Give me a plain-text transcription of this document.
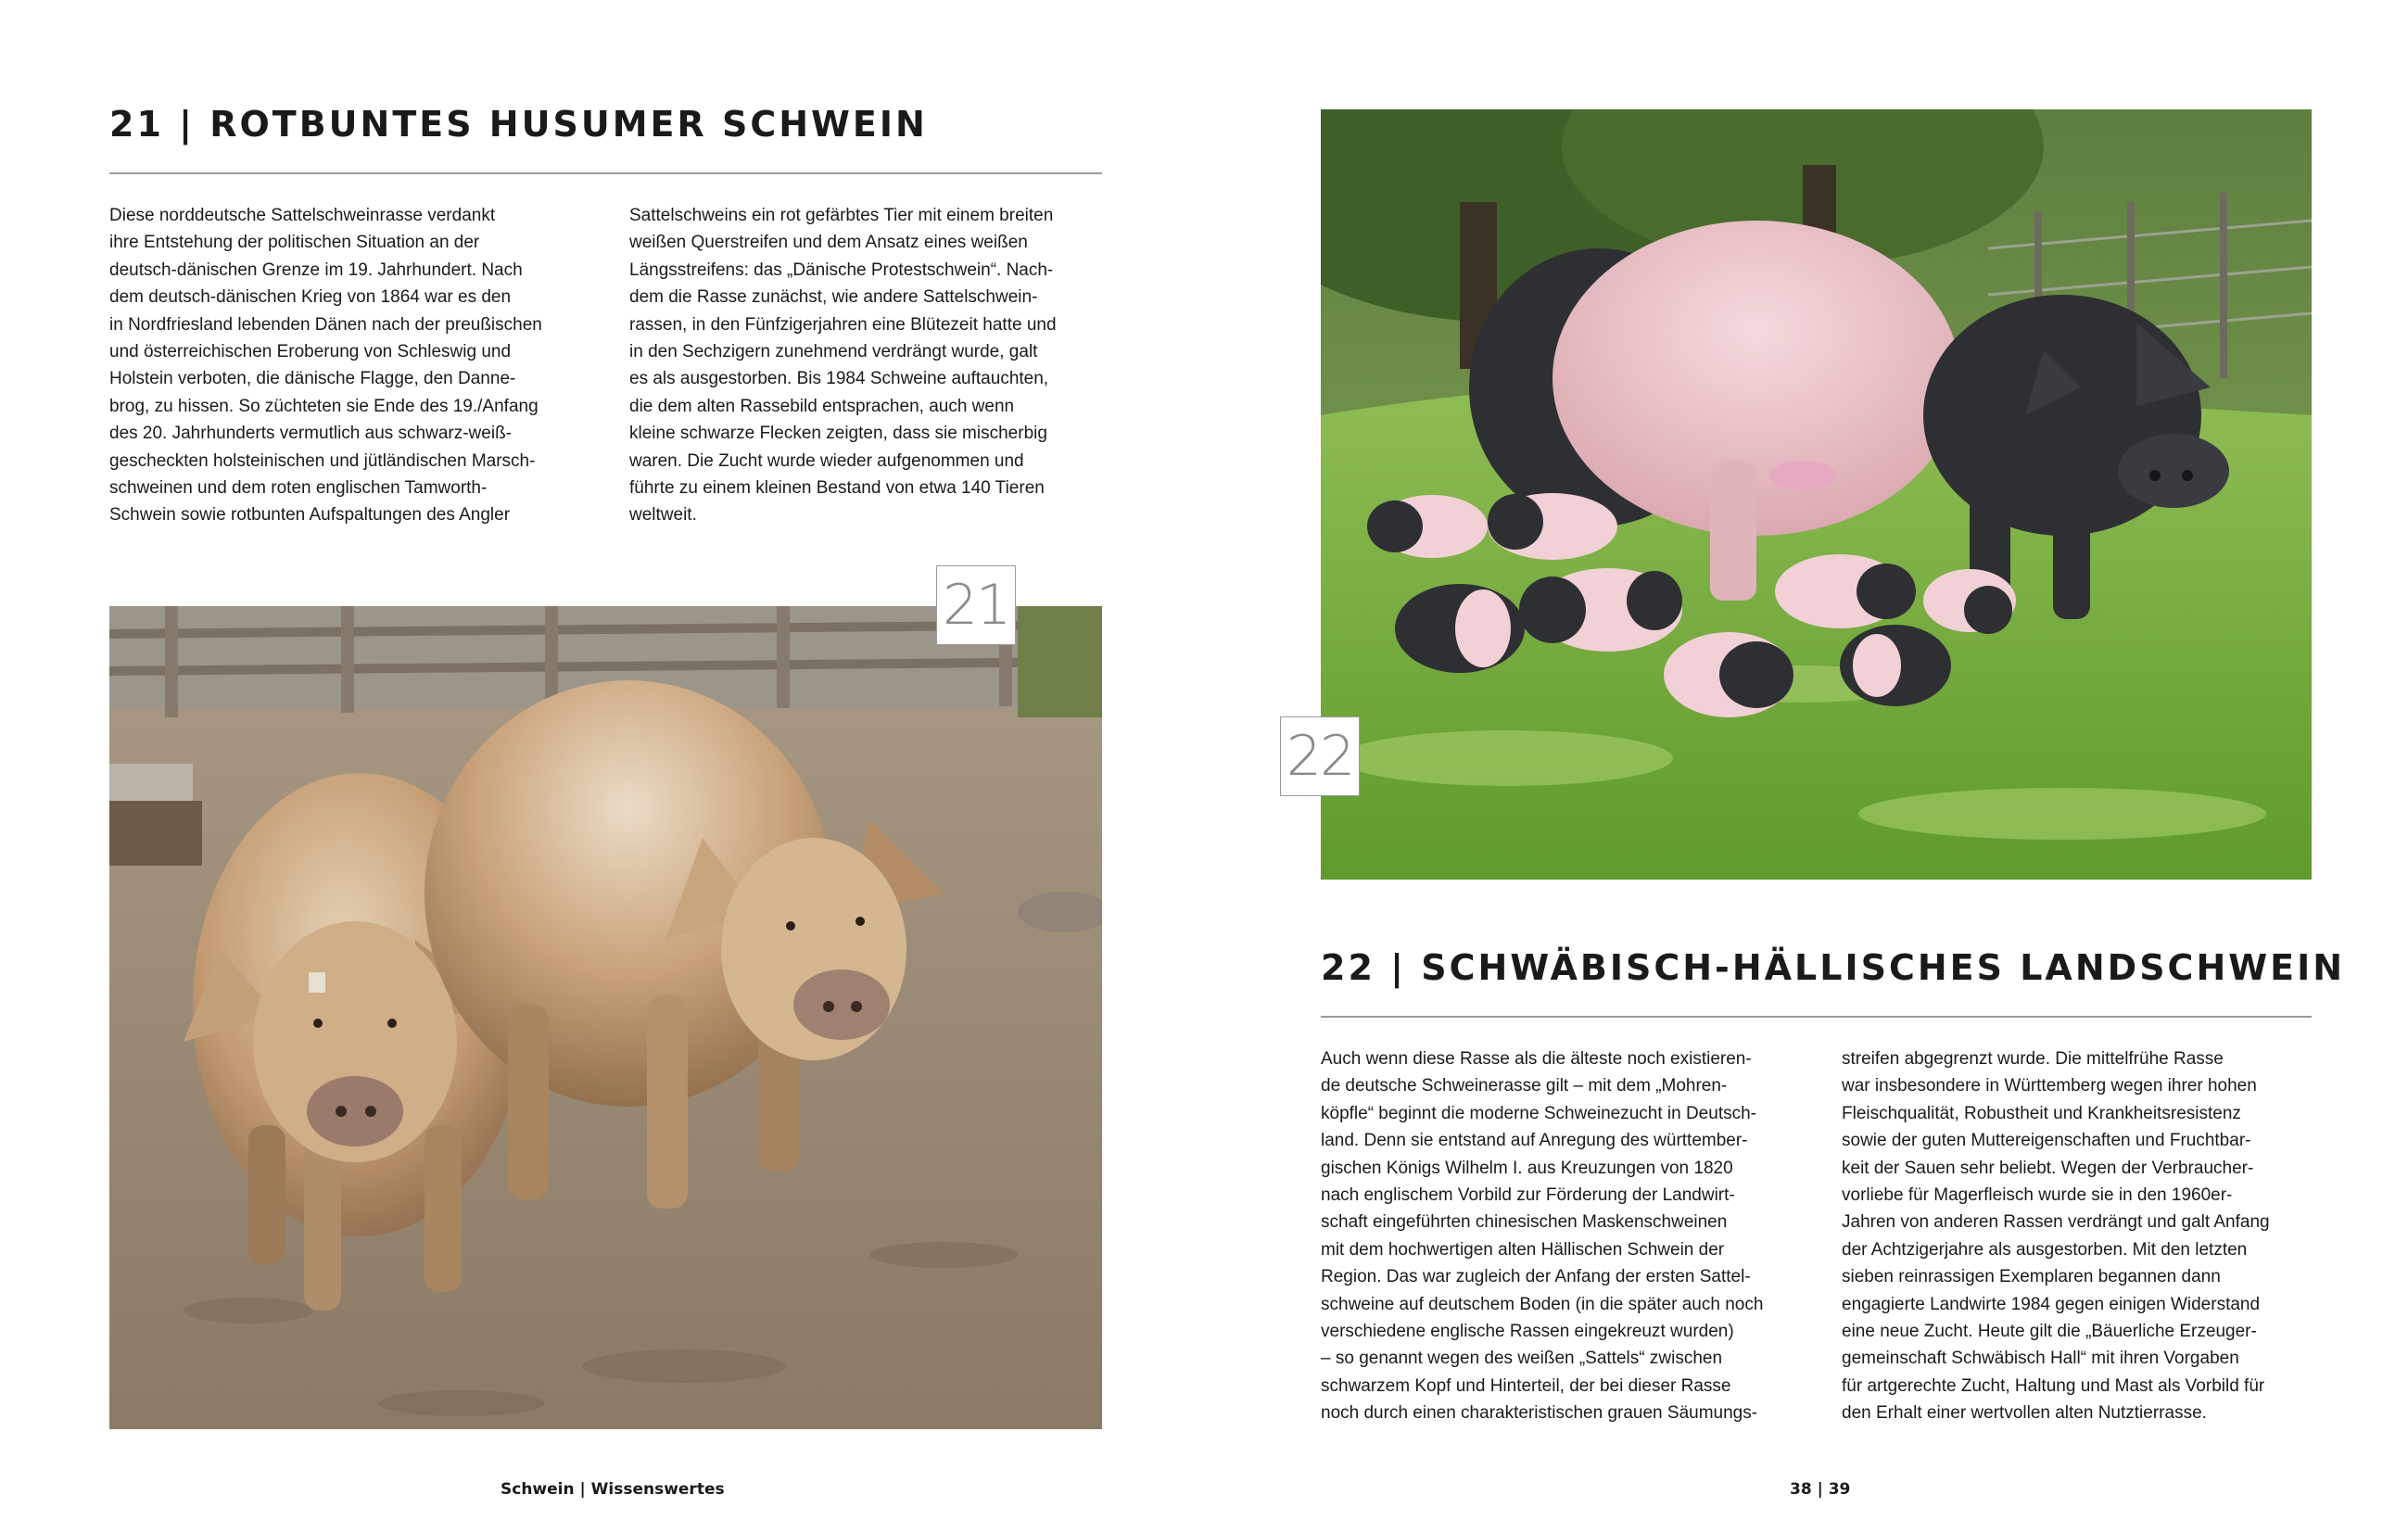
21 | ROTBUNTES HUSUMER SCHWEIN
Diese norddeutsche Sattelschweinrasse verdankt
ihre Entstehung der politischen Situation an der
deutsch-dänischen Grenze im 19. Jahrhundert. Nach
dem deutsch-dänischen Krieg von 1864 war es den
in Nordfriesland lebenden Dänen nach der preußischen
und österreichischen Eroberung von Schleswig und
Holstein verboten, die dänische Flagge, den Danne-
brog, zu hissen. So züchteten sie Ende des 19./Anfang
des 20. Jahrhunderts vermutlich aus schwarz-weiß-
gescheckten holsteinischen und jütländischen Marsch-
schweinen und dem roten englischen Tamworth-
Schwein sowie rotbunten Aufspaltungen des Angler
Sattelschweins ein rot gefärbtes Tier mit einem breiten
weißen Querstreifen und dem Ansatz eines weißen
Längsstreifens: das „Dänische Protestschwein“. Nach-
dem die Rasse zunächst, wie andere Sattelschwein-
rassen, in den Fünfzigerjahren eine Blütezeit hatte und
in den Sechzigern zunehmend verdrängt wurde, galt
es als ausgestorben. Bis 1984 Schweine auftauchten,
die dem alten Rassebild entsprachen, auch wenn
kleine schwarze Flecken zeigten, dass sie mischerbig
waren. Die Zucht wurde wieder aufgenommen und
führte zu einem kleinen Bestand von etwa 140 Tieren
weltweit.
21
Schwein | Wissenswertes
22
22 | SCHWÄBISCH-HÄLLISCHES LANDSCHWEIN
Auch wenn diese Rasse als die älteste noch existieren-
de deutsche Schweinerasse gilt – mit dem „Mohren-
köpfle“ beginnt die moderne Schweinezucht in Deutsch-
land. Denn sie entstand auf Anregung des württember-
gischen Königs Wilhelm I. aus Kreuzungen von 1820
nach englischem Vorbild zur Förderung der Landwirt-
schaft eingeführten chinesischen Maskenschweinen
mit dem hochwertigen alten Hällischen Schwein der
Region. Das war zugleich der Anfang der ersten Sattel-
schweine auf deutschem Boden (in die später auch noch
verschiedene englische Rassen eingekreuzt wurden)
– so genannt wegen des weißen „Sattels“ zwischen
schwarzem Kopf und Hinterteil, der bei dieser Rasse
noch durch einen charakteristischen grauen Säumungs-
streifen abgegrenzt wurde. Die mittelfrühe Rasse
war insbesondere in Württemberg wegen ihrer hohen
Fleischqualität, Robustheit und Krankheitsresistenz
sowie der guten Muttereigenschaften und Fruchtbar-
keit der Sauen sehr beliebt. Wegen der Verbraucher-
vorliebe für Magerfleisch wurde sie in den 1960er-
Jahren von anderen Rassen verdrängt und galt Anfang
der Achtzigerjahre als ausgestorben. Mit den letzten
sieben reinrassigen Exemplaren begannen dann
engagierte Landwirte 1984 gegen einigen Widerstand
eine neue Zucht. Heute gilt die „Bäuerliche Erzeuger-
gemeinschaft Schwäbisch Hall“ mit ihren Vorgaben
für artgerechte Zucht, Haltung und Mast als Vorbild für
den Erhalt einer wertvollen alten Nutztierrasse.
38 | 39
